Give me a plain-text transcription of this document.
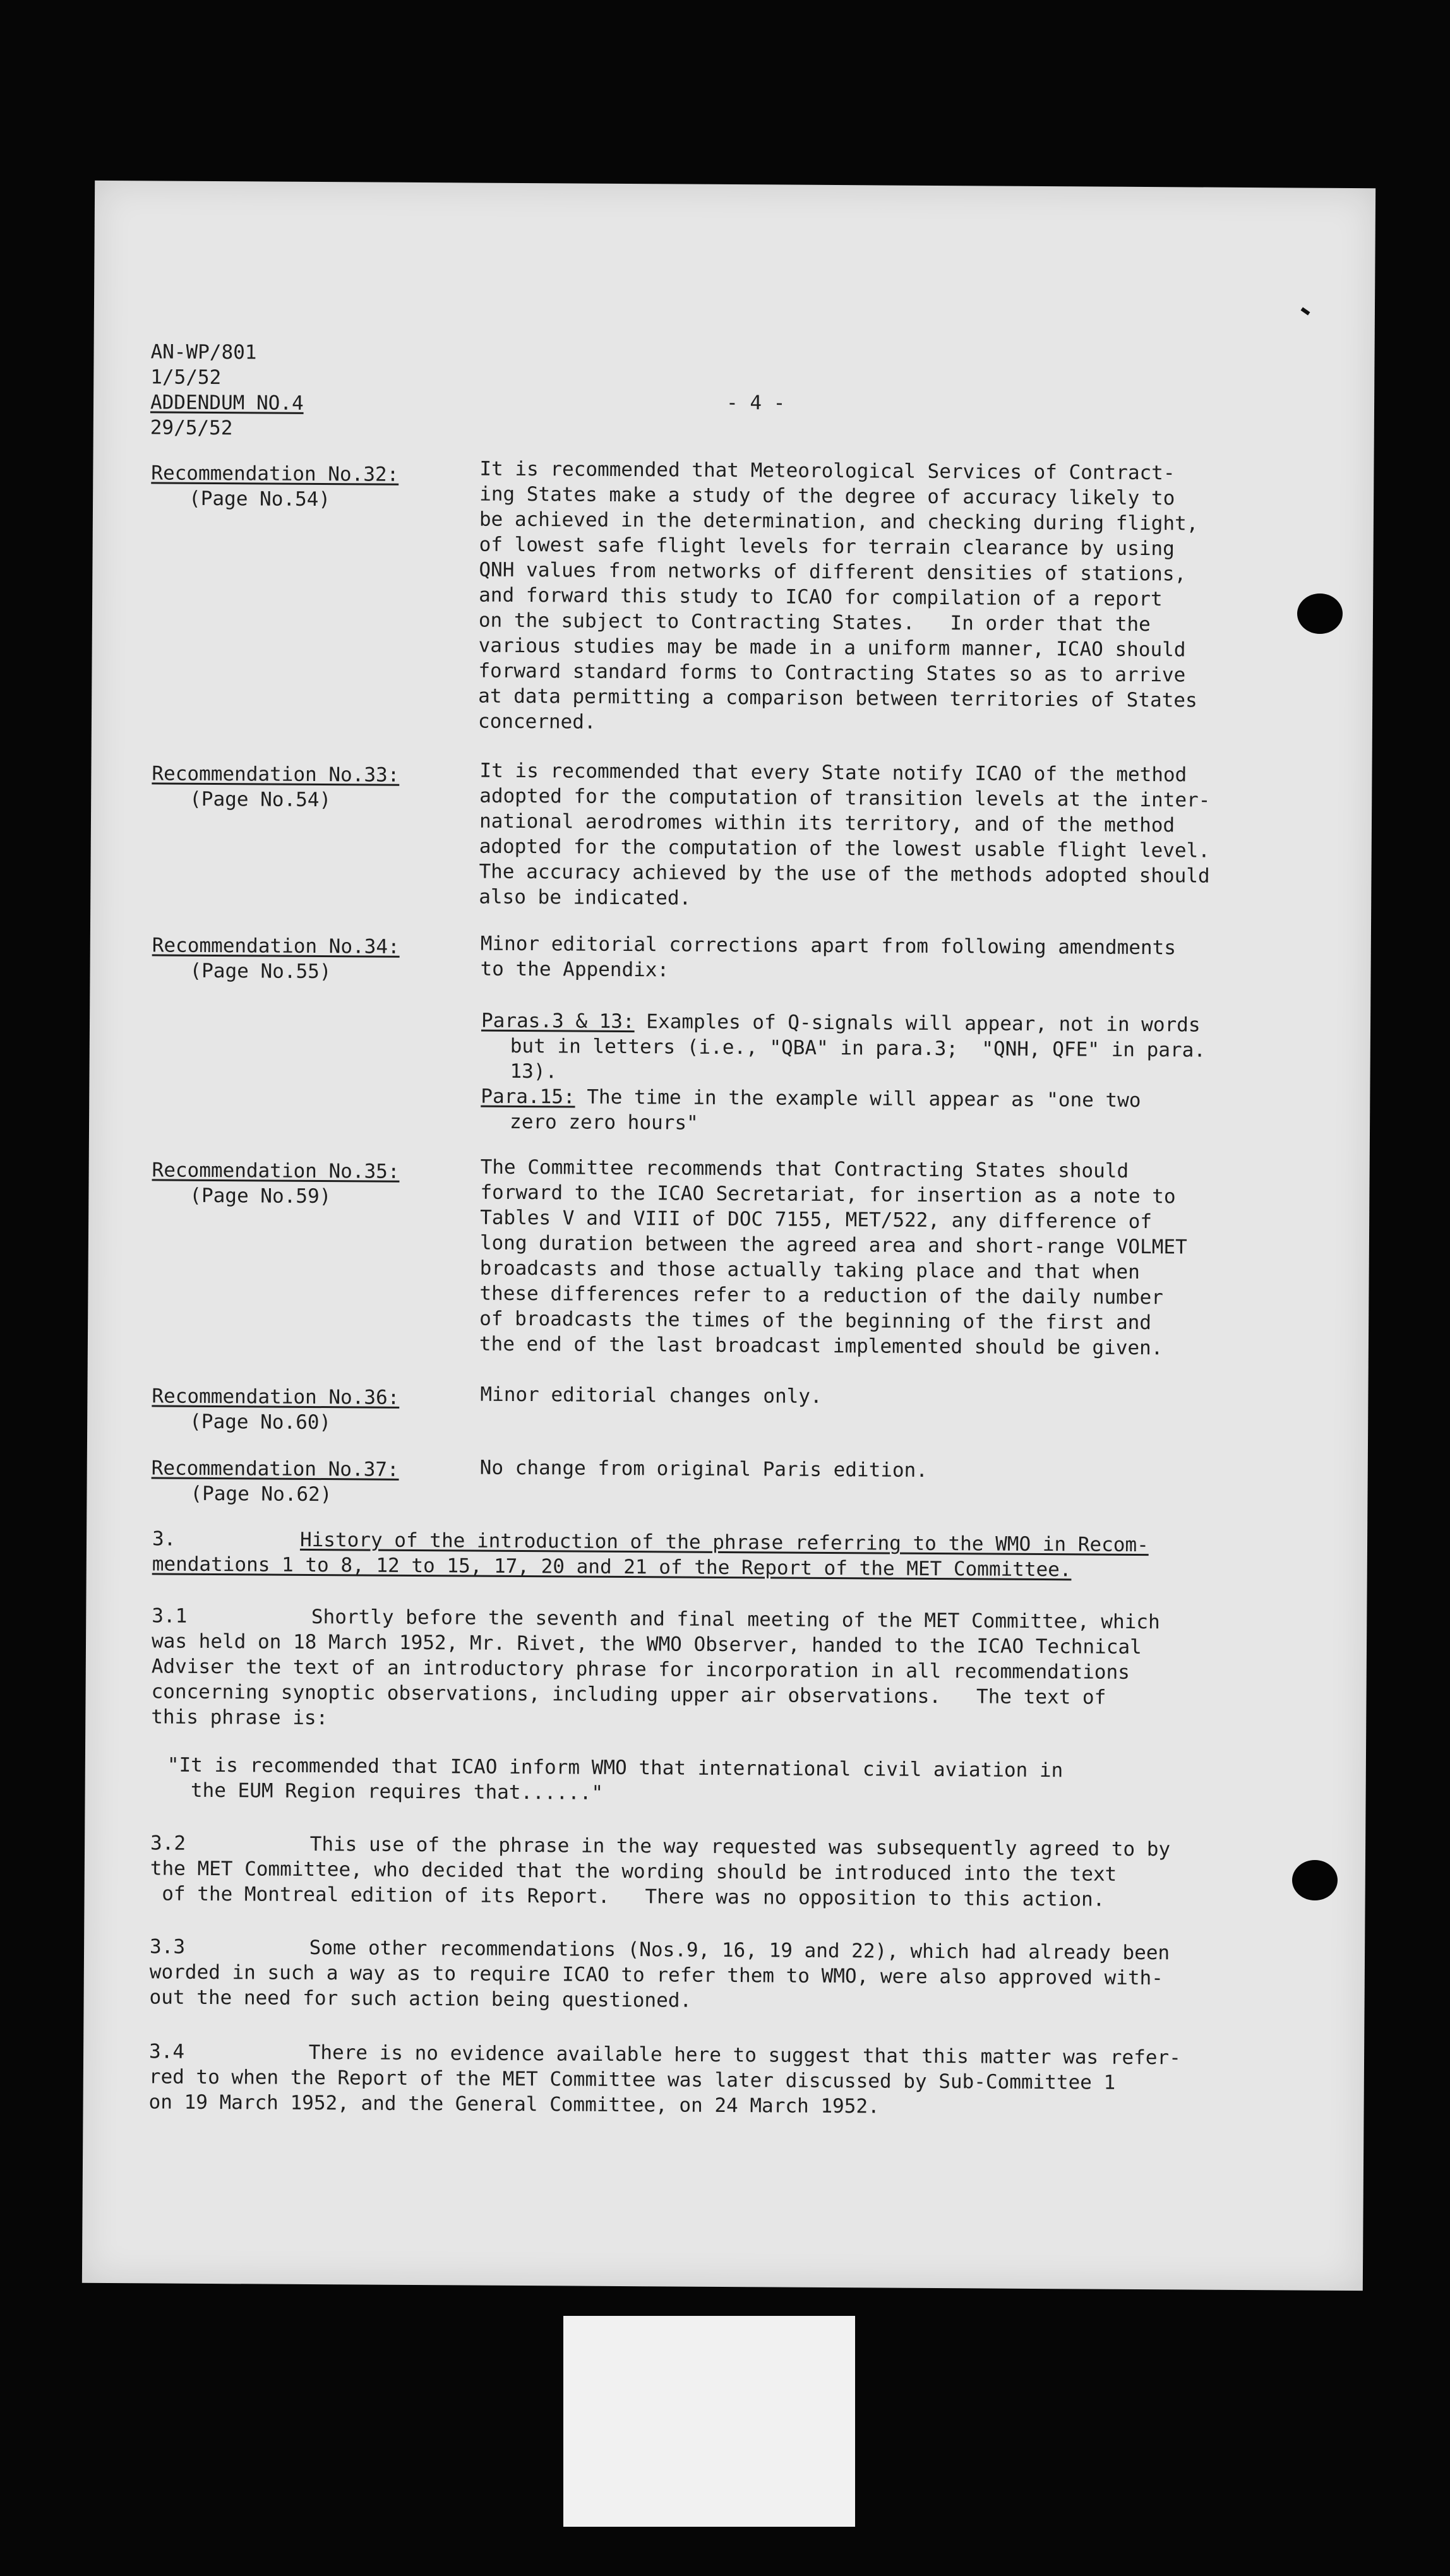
AN-WP/801
1/5/52
ADDENDUM NO.4
29/5/52
- 4 -
Recommendation No.32:
(Page No.54)
It is recommended that Meteorological Services of Contract-
ing States make a study of the degree of accuracy likely to
be achieved in the determination, and checking during flight,
of lowest safe flight levels for terrain clearance by using
QNH values from networks of different densities of stations,
and forward this study to ICAO for compilation of a report
on the subject to Contracting States.   In order that the
various studies may be made in a uniform manner, ICAO should
forward standard forms to Contracting States so as to arrive
at data permitting a comparison between territories of States
concerned.
Recommendation No.33:
(Page No.54)
It is recommended that every State notify ICAO of the method
adopted for the computation of transition levels at the inter-
national aerodromes within its territory, and of the method
adopted for the computation of the lowest usable flight level.
The accuracy achieved by the use of the methods adopted should
also be indicated.
Recommendation No.34:
(Page No.55)
Minor editorial corrections apart from following amendments
to the Appendix:
Paras.3 & 13: Examples of Q-signals will appear, not in words
but in letters (i.e., "QBA" in para.3;  "QNH, QFE" in para.
13).
Para.15: The time in the example will appear as "one two
zero zero hours"
Recommendation No.35:
(Page No.59)
The Committee recommends that Contracting States should
forward to the ICAO Secretariat, for insertion as a note to
Tables V and VIII of DOC 7155, MET/522, any difference of
long duration between the agreed area and short-range VOLMET
broadcasts and those actually taking place and that when
these differences refer to a reduction of the daily number
of broadcasts the times of the beginning of the first and
the end of the last broadcast implemented should be given.
Recommendation No.36:
(Page No.60)
Minor editorial changes only.
Recommendation No.37:
(Page No.62)
No change from original Paris edition.
3.	History of the introduction of the phrase referring to the WMO in Recom-
mendations 1 to 8, 12 to 15, 17, 20 and 21 of the Report of the MET Committee.
3.1 Shortly before the seventh and final meeting of the MET Committee, which
was held on 18 March 1952, Mr. Rivet, the WMO Observer, handed to the ICAO Technical
Adviser the text of an introductory phrase for incorporation in all recommendations
concerning synoptic observations, including upper air observations.   The text of
this phrase is:
"It is recommended that ICAO inform WMO that international civil aviation in
the EUM Region requires that......"
3.2 This use of the phrase in the way requested was subsequently agreed to by
the MET Committee, who decided that the wording should be introduced into the text
of the Montreal edition of its Report.   There was no opposition to this action.
3.3 Some other recommendations (Nos.9, 16, 19 and 22), which had already been
worded in such a way as to require ICAO to refer them to WMO, were also approved with-
out the need for such action being questioned.
3.4 There is no evidence available here to suggest that this matter was refer-
red to when the Report of the MET Committee was later discussed by Sub-Committee 1
on 19 March 1952, and the General Committee, on 24 March 1952.
